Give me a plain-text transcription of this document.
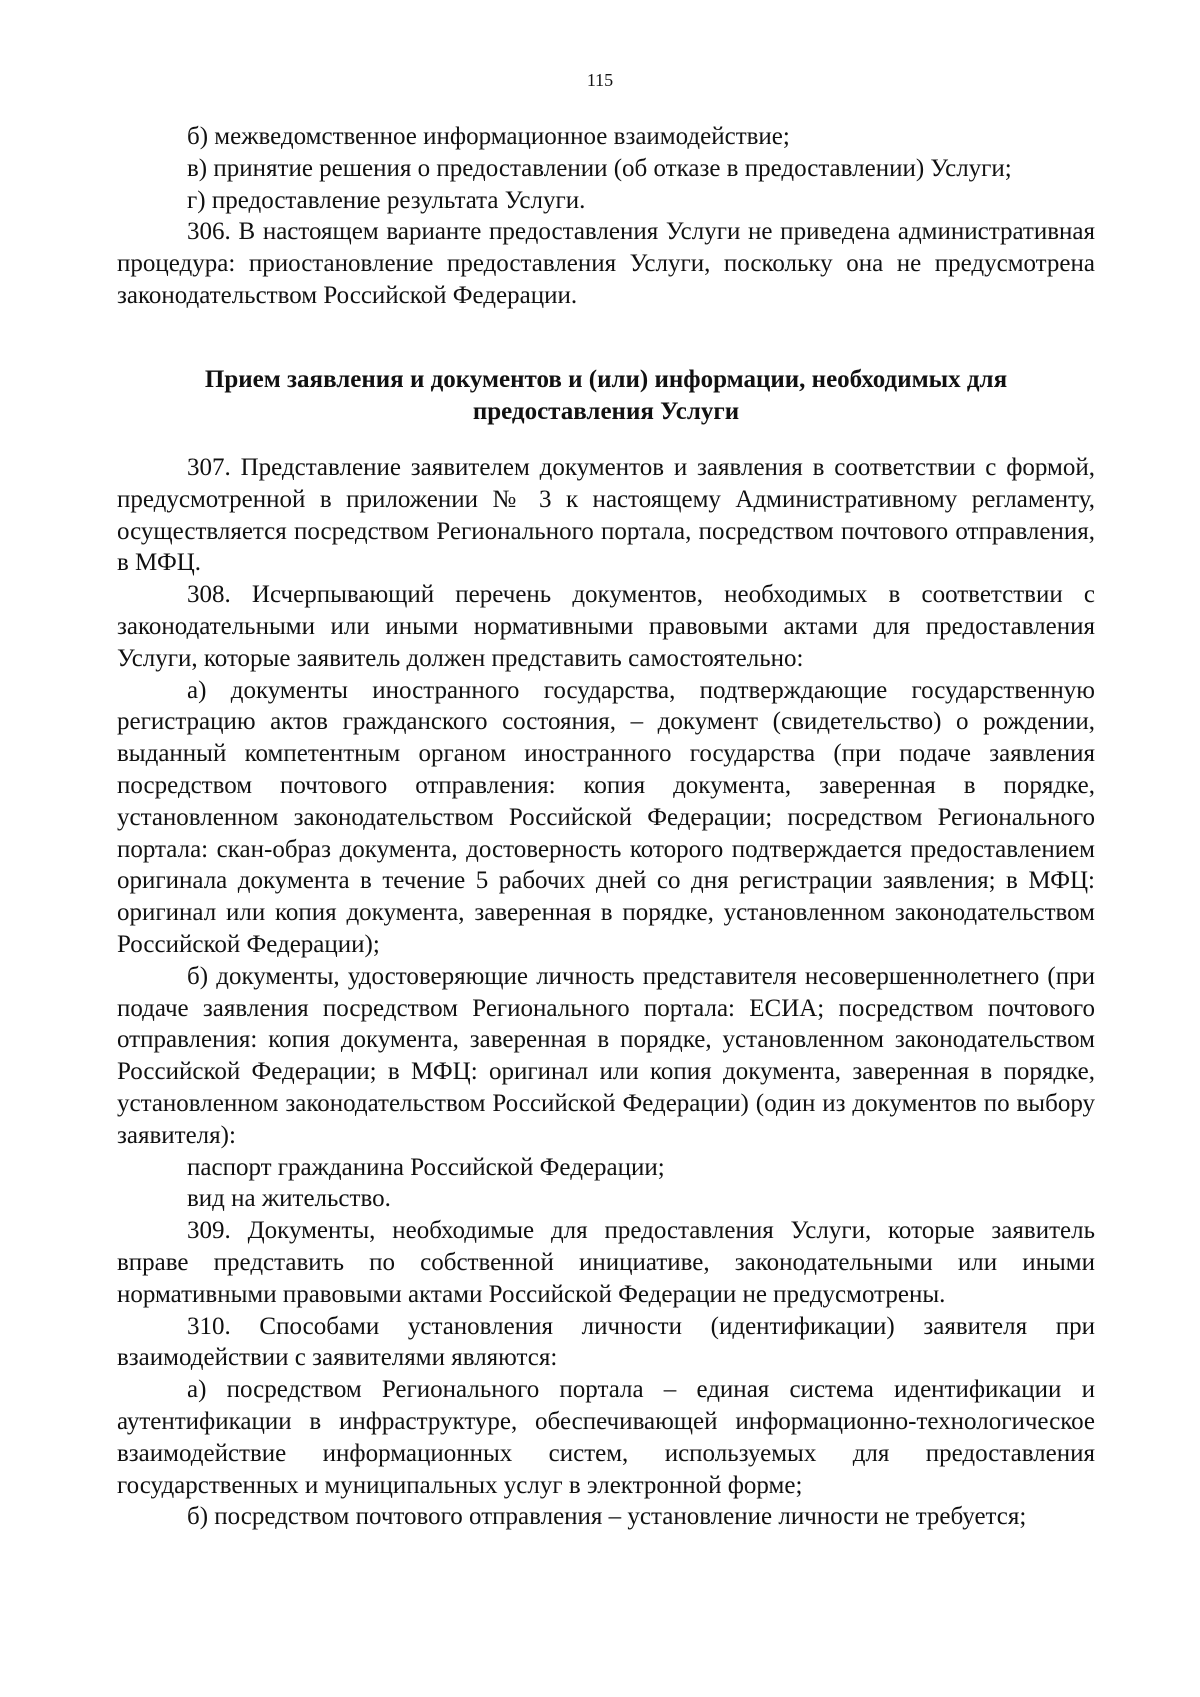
115

б) межведомственное информационное взаимодействие;

в) принятие решения о предоставлении (об отказе в предоставлении) Услуги;

г) предоставление результата Услуги.

306. В настоящем варианте предоставления Услуги не приведена административная процедура: приостановление предоставления Услуги, поскольку она не предусмотрена законодательством Российской Федерации.

Прием заявления и документов и (или) информации, необходимых для предоставления Услуги

307. Представление заявителем документов и заявления в соответствии с формой, предусмотренной в приложении № 3 к настоящему Административному регламенту, осуществляется посредством Регионального портала, посредством почтового отправления, в МФЦ.

308. Исчерпывающий перечень документов, необходимых в соответствии с законодательными или иными нормативными правовыми актами для предоставления Услуги, которые заявитель должен представить самостоятельно:

а) документы иностранного государства, подтверждающие государственную регистрацию актов гражданского состояния, – документ (свидетельство) о рождении, выданный компетентным органом иностранного государства (при подаче заявления посредством почтового отправления: копия документа, заверенная в порядке, установленном законодательством Российской Федерации; посредством Регионального портала: скан-образ документа, достоверность которого подтверждается предоставлением оригинала документа в течение 5 рабочих дней со дня регистрации заявления; в МФЦ: оригинал или копия документа, заверенная в порядке, установленном законодательством Российской Федерации);

б) документы, удостоверяющие личность представителя несовершеннолетнего (при подаче заявления посредством Регионального портала: ЕСИА; посредством почтового отправления: копия документа, заверенная в порядке, установленном законодательством Российской Федерации; в МФЦ: оригинал или копия документа, заверенная в порядке, установленном законодательством Российской Федерации) (один из документов по выбору заявителя):

паспорт гражданина Российской Федерации;

вид на жительство.

309. Документы, необходимые для предоставления Услуги, которые заявитель вправе представить по собственной инициативе, законодательными или иными нормативными правовыми актами Российской Федерации не предусмотрены.

310. Способами установления личности (идентификации) заявителя при взаимодействии с заявителями являются:

а) посредством Регионального портала – единая система идентификации и аутентификации в инфраструктуре, обеспечивающей информационно-технологическое взаимодействие информационных систем, используемых для предоставления государственных и муниципальных услуг в электронной форме;

б) посредством почтового отправления – установление личности не требуется;
